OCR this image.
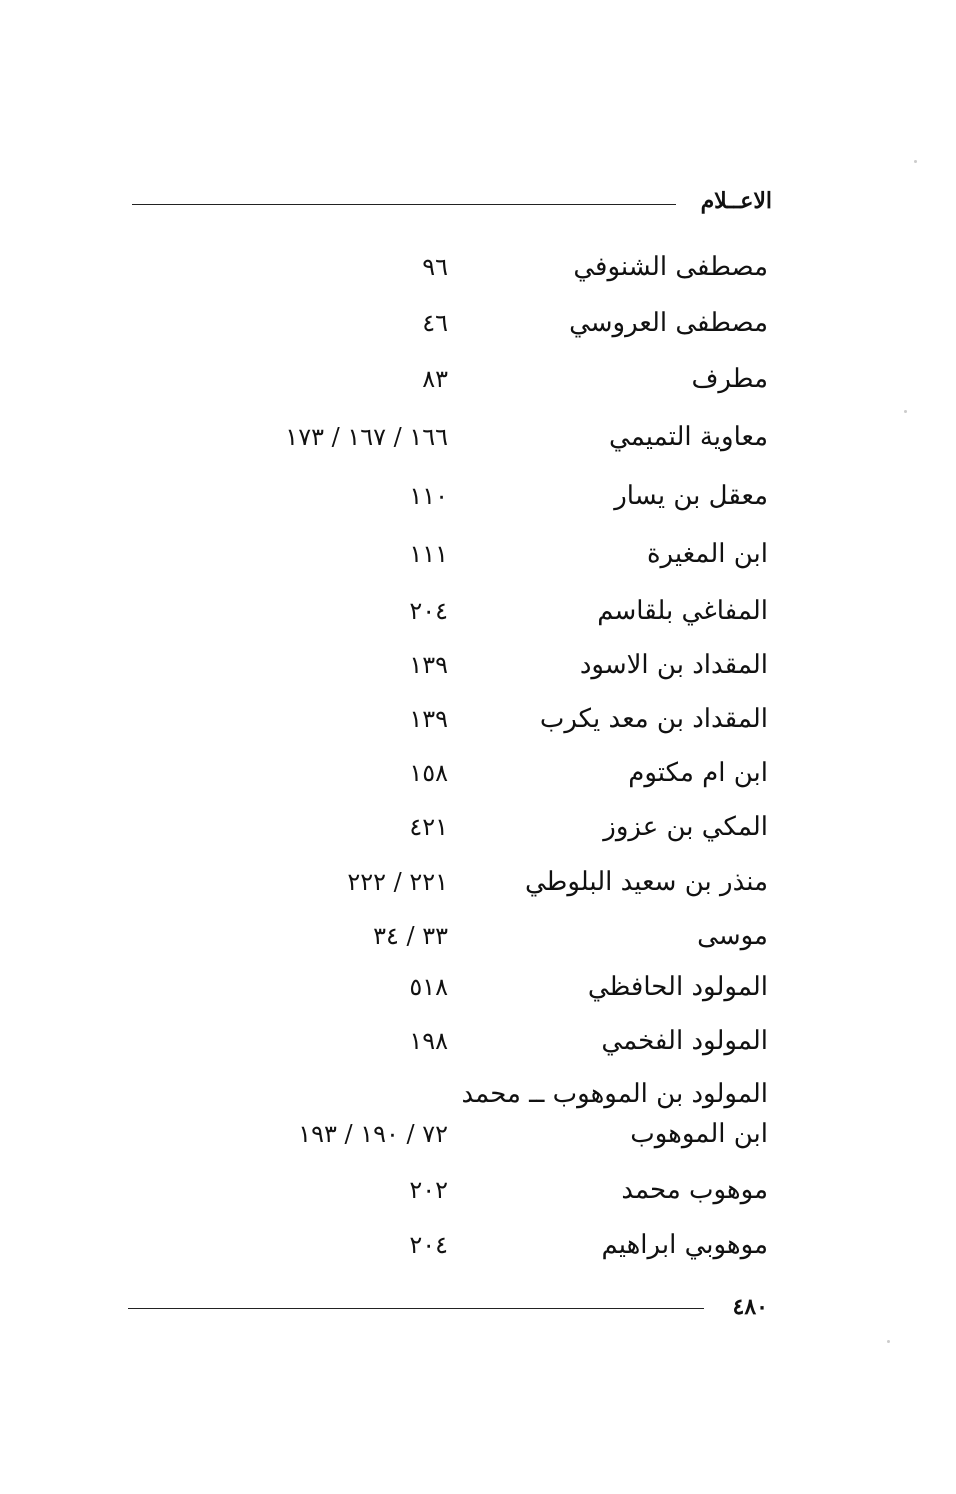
الاعــلام
مصطفى الشنوفي
٩٦
مصطفى العروسي
٤٦
مطرف
٨٣
معاوية التميمي
١٦٦ / ١٦٧ / ١٧٣
معقل بن يسار
١١٠
ابن المغيرة
١١١
المفاغي بلقاسم
٢٠٤
المقداد بن الاسود
١٣٩
المقداد بن معد يكرب
١٣٩
ابن ام مكتوم
١٥٨
المكي بن عزوز
٤٢١
منذر بن سعيد البلوطي
٢٢١ / ٢٢٢
موسى
٣٣ / ٣٤
المولود الحافظي
٥١٨
المولود الفخمي
١٩٨
المولود بن الموهوب ــ محمد
ابن الموهوب
٧٢ / ١٩٠ / ١٩٣
موهوب محمد
٢٠٢
موهوبي ابراهيم
٢٠٤
٤٨٠
